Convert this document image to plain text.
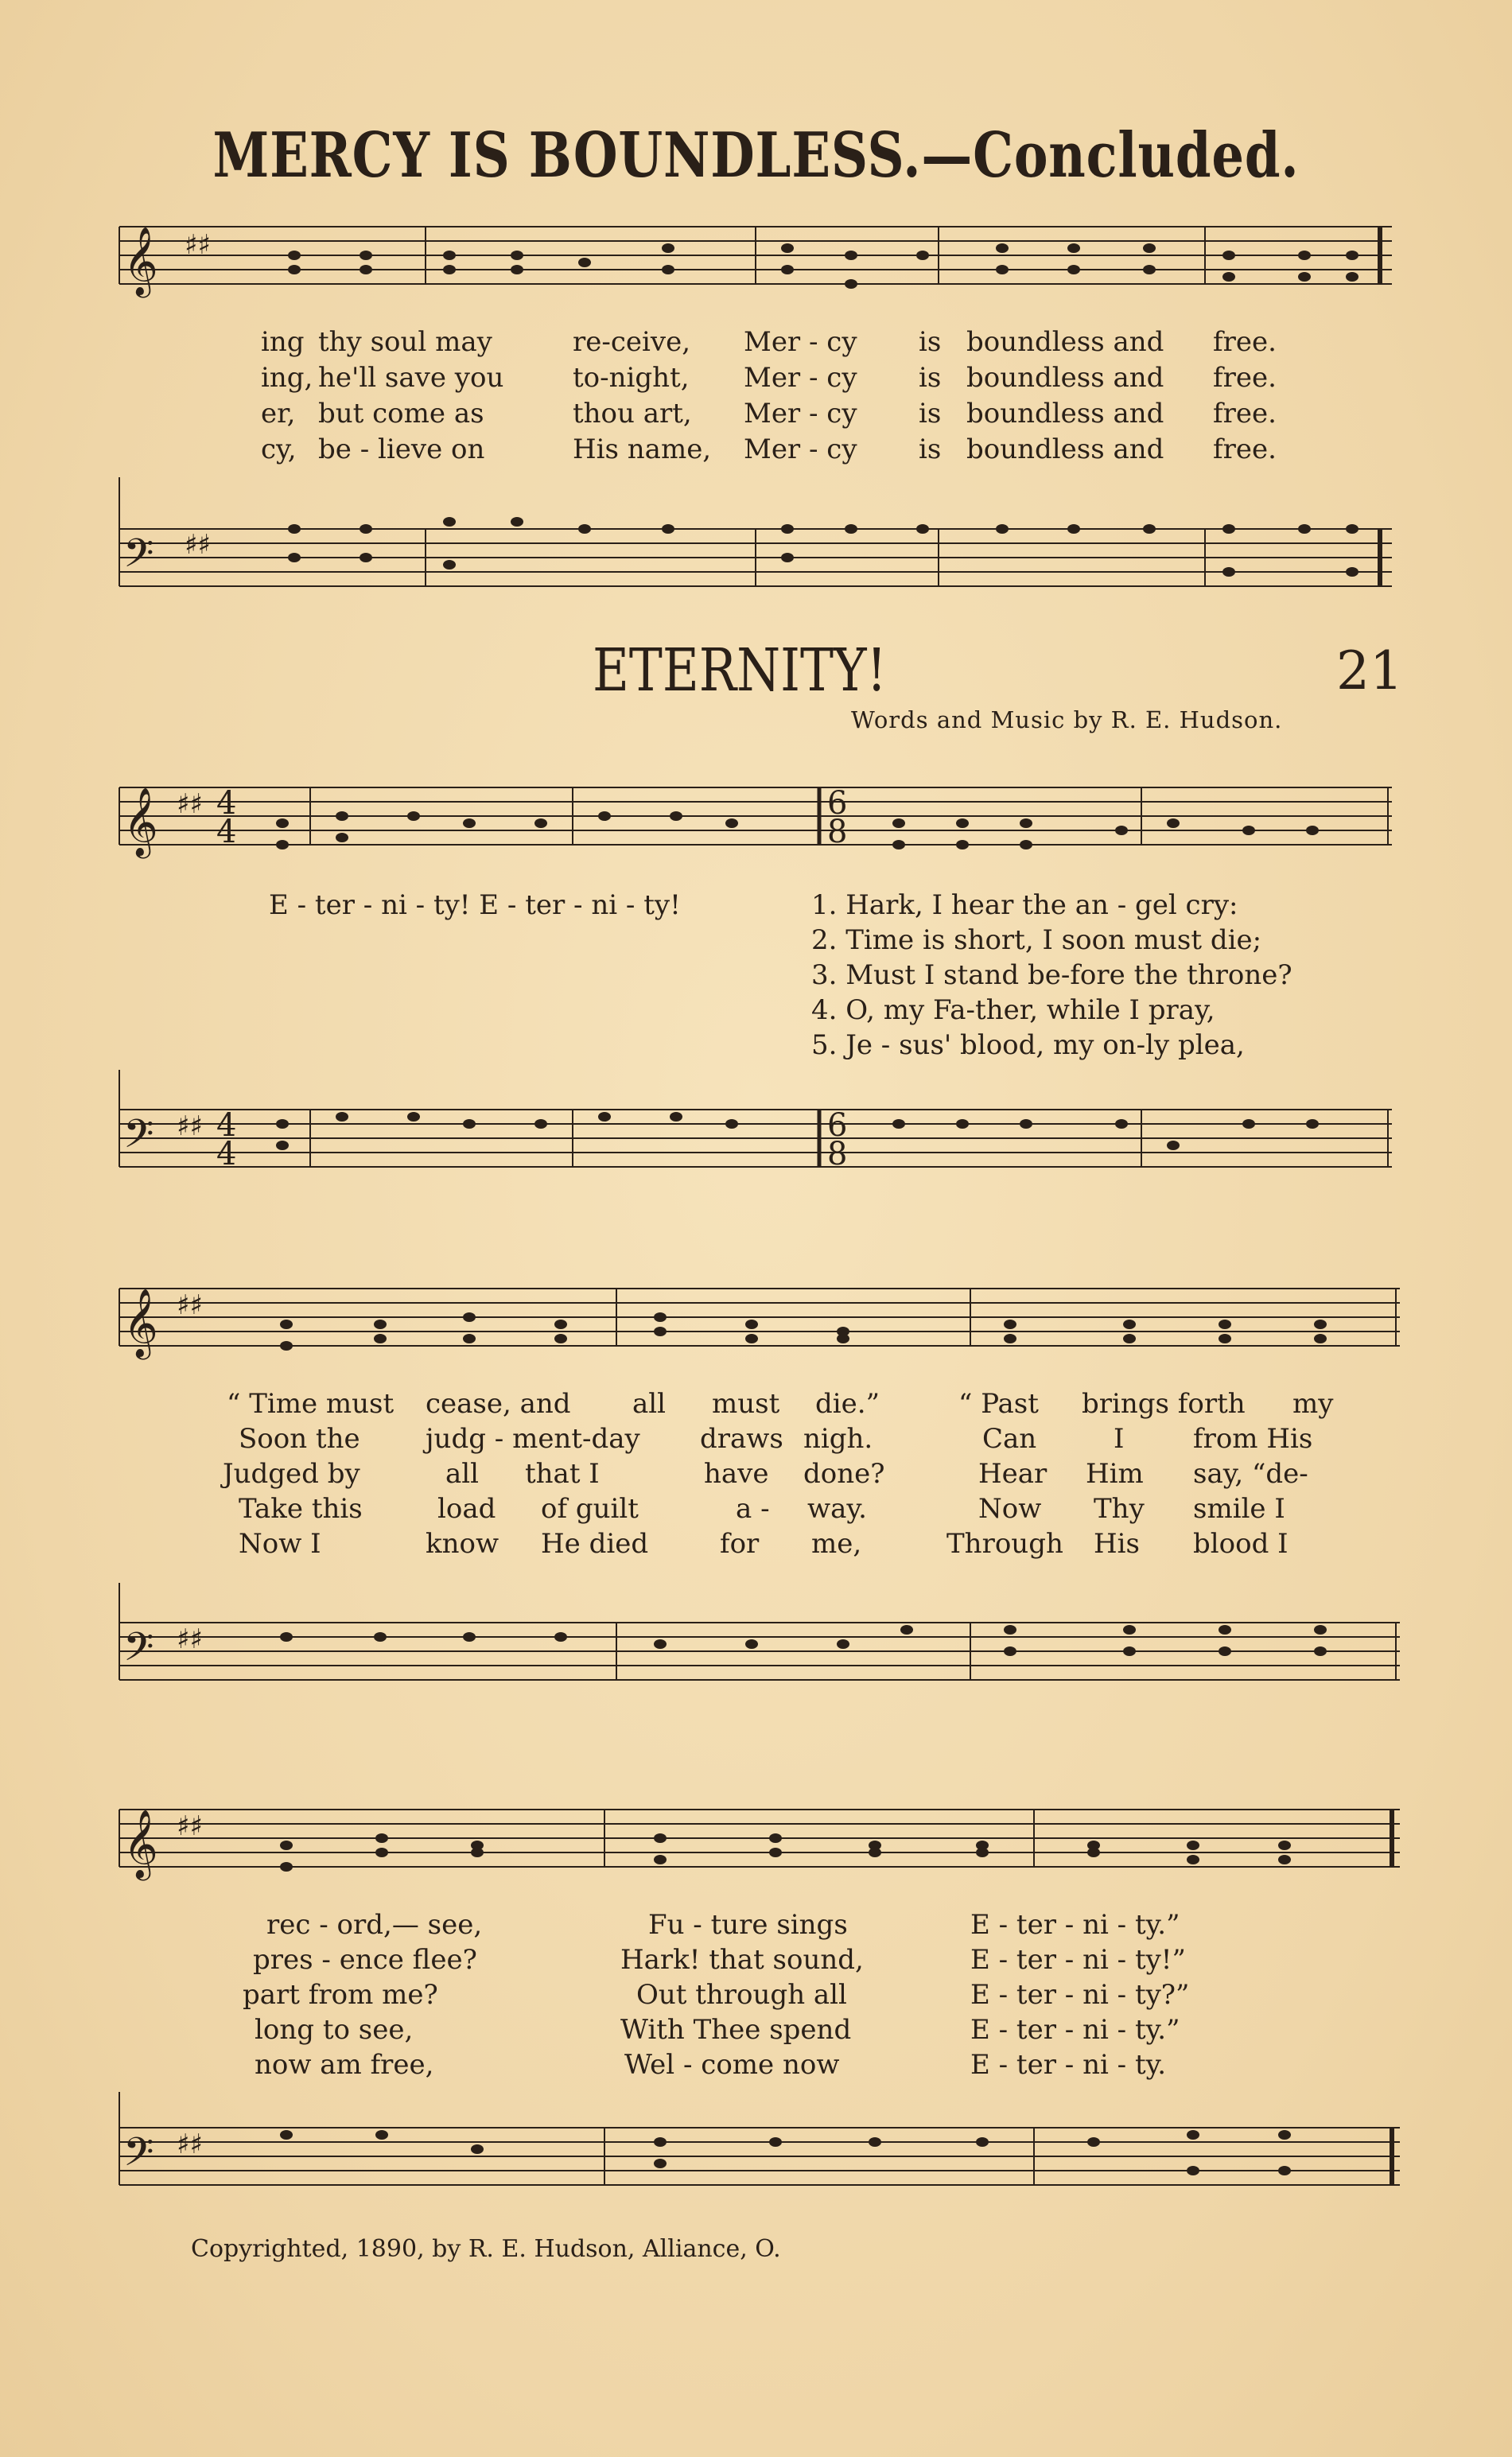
MERCY IS BOUNDLESS.—Concluded.
𝄞 ♯♯
ing thy soul may	re-ceive, Mer - cy is boundless and free.
ing, he'll save you	to-night, Mer - cy is boundless and free.
er, but come as	thou art, Mer - cy is boundless and free.
cy, be - lieve on	His name, Mer - cy is boundless and free.
𝄢 ♯♯
ETERNITY!	21
Words and Music by R. E. Hudson.
𝄞 ♯♯ 4
4
6
8
E - ter - ni - ty! E - ter - ni - ty!	1. Hark, I hear the an - gel cry:
2. Time is short, I soon must die;
3. Must I stand be-fore the throne?
4. O, my Fa-ther, while I pray,
5. Je - sus' blood, my on-ly plea,
𝄢 ♯♯ 4
4
6
8
𝄞 ♯♯
“ Time must cease, and all must die.”	“ Past brings forth my
Soon the judg - ment-day draws nigh.	Can	I	from His
Judged by	all that I	have done?	Hear Him say, “de-
Take this	load of guilt	a - way.	Now Thy smile I
Now I	know He died	for me,	Through His blood I
𝄢 ♯♯
𝄞 ♯♯
rec - ord,— see,	Fu - ture sings	E - ter - ni - ty.”
pres - ence flee?	Hark! that sound,	E - ter - ni - ty!”
part from me?	Out through all	E - ter - ni - ty?”
long to see,	With Thee spend	E - ter - ni - ty.”
now am free,	Wel - come now	E - ter - ni - ty.
𝄢 ♯♯
Copyrighted, 1890, by R. E. Hudson, Alliance, O.
